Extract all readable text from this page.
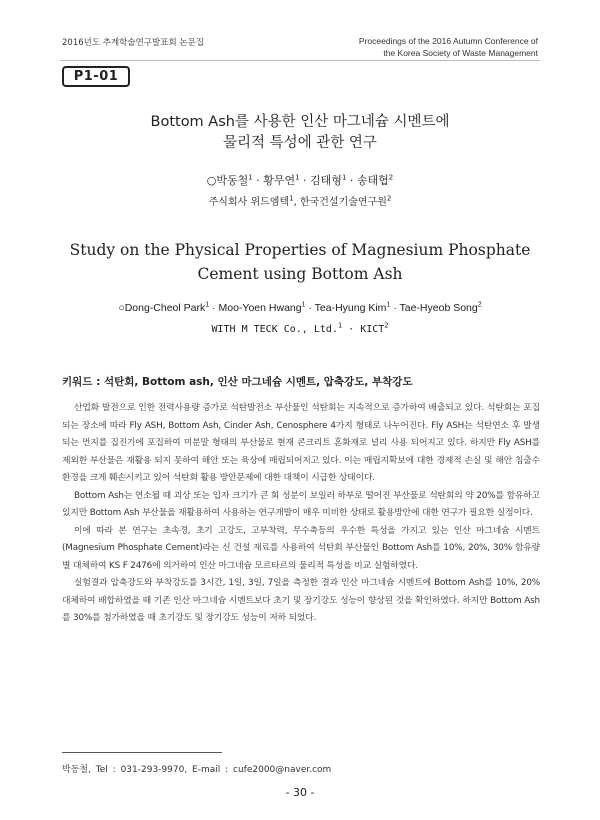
2016년도 추계학술연구발표회 논문집	Proceedings of the 2016 Autumn Conference of
the Korea Society of Waste Management
P1-01
Bottom Ash를 사용한 인산 마그네슘 시멘트에
물리적 특성에 관한 연구
○박동철$^1$ · 황무연$^1$ · 김태형$^1$ · 송태협$^2$
주식회사 위드엠텍$^1$, 한국건설기술연구원$^2$
Study on the Physical Properties of Magnesium Phosphate
Cement using Bottom Ash
○Dong-Cheol Park$^1$ · Moo-Yoen Hwang$^1$ · Tea-Hyung Kim$^1$ · Tae-Hyeob Song$^2$
WITH M TECK Co., $Ltd.^1 \cdot KICT^2$
키워드 : 석탄회, Bottom ash, 인산 마그네슘 시멘트, 압축강도, 부착강도

산업화 발전으로 인한 전력사용량 증가로 석탄발전소 부산물인 석탄회는 지속적으로 증가하여 배출되고 있다. 석탄회는 포집되는 장소에 따라 Fly ASH, Bottom Ash, Cinder Ash, Cenosphere 4가지 형태로 나누어진다. Fly ASH는 석탄연소 후 발생되는 먼지를 집진기에 포집하여 미분말 형태의 부산물로 현재 콘크리트 혼화재로 널리 사용 되어지고 있다. 하지만 Fly ASH를 제외한 부산물은 재활용 되지 못하여 해안 또는 육상에 매립되어지고 있다. 이는 매립지확보에 대한 경제적 손실 및 해안 침출수 환경을 크게 훼손시키고 있어 석탄회 활용 방안문제에 대한 대책이 시급한 상태이다.

Bottom Ash는 연소될 때 괴상 또는 입자 크기가 큰 회 성분이 보일러 하부로 떨어진 부산물로 석탄회의 약 20%를 함유하고 있지만 Bottom Ash 부산물을 재활용하여 사용하는 연구개발이 매우 미비한 상태로 활용방안에 대한 연구가 필요한 실정이다.

이에 따라 본 연구는 초속경, 초기 고강도, 고부착력, 무수축등의 우수한 특성을 가지고 있는 인산 마그네슘 시멘트(Magnesium Phosphate Cement)라는 신 건설 재료를 사용하여 석탄회 부산물인 Bottom Ash를 10%, 20%, 30% 함유량별 대체하여 KS F 2476에 의거하여 인산 마그네슘 모르타르의 물리적 특성을 비교 실험하였다.

실험결과 압축강도와 부착강도를 3시간, 1일, 3일, 7일을 측정한 결과 인산 마그네슘 시멘트에 Bottom Ash를 10%, 20% 대체하여 배합하였을 때 기존 인산 마그네슘 시멘트보다 초기 및 장기강도 성능이 향상된 것을 확인하였다. 하지만 Bottom Ash를 30%를 첨가하였을 때 초기강도 및 장기강도 성능이 저하 되었다.

박동철, Tel : 031-293-9970, E-mail : cufe2000@naver.com
- 30 -
